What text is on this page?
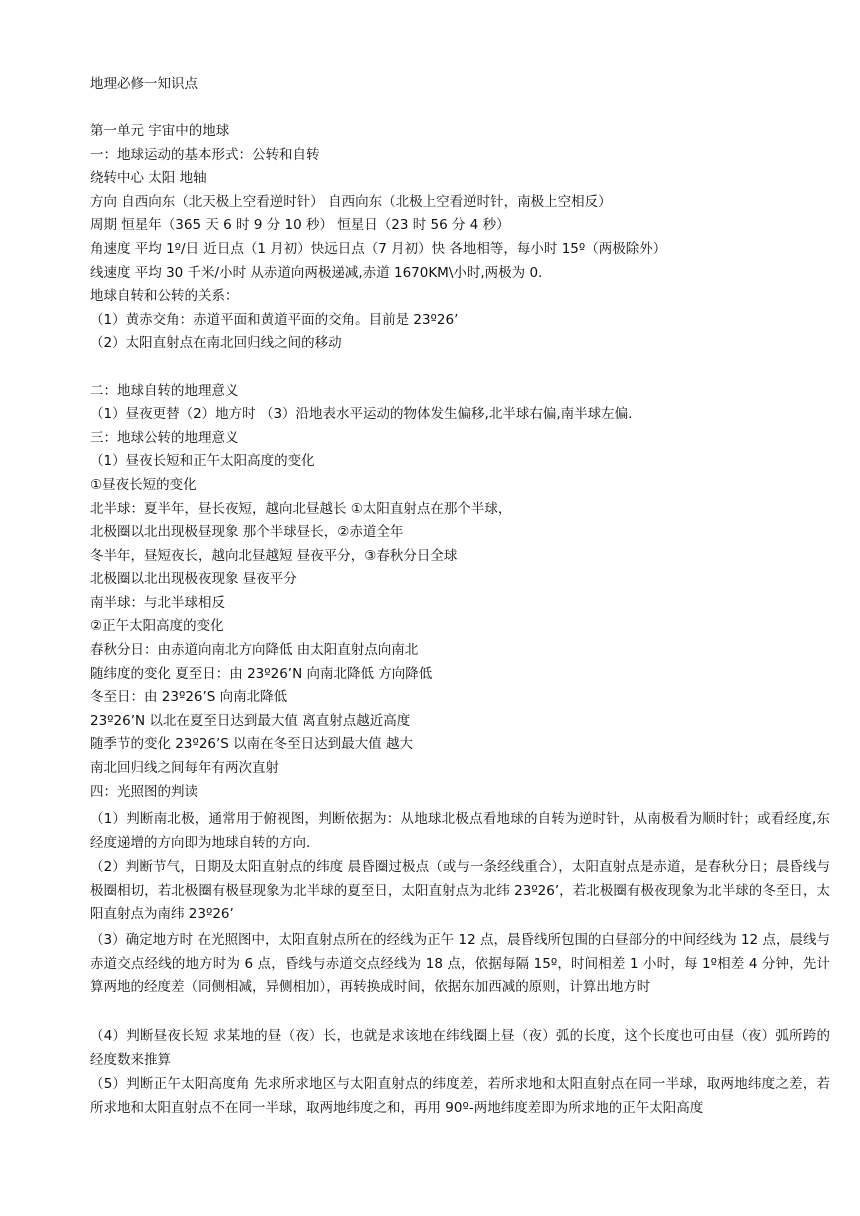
地理必修一知识点
第一单元 宇宙中的地球
一：地球运动的基本形式：公转和自转
绕转中心 太阳 地轴
方向 自西向东（北天极上空看逆时针） 自西向东（北极上空看逆时针，南极上空相反）
周期 恒星年（365 天 6 时 9 分 10 秒） 恒星日（23 时 56 分 4 秒）
角速度 平均 1º/日 近日点（1 月初）快远日点（7 月初）快 各地相等，每小时 15º（两极除外）
线速度 平均 30 千米/小时 从赤道向两极递减,赤道 1670KM\小时,两极为 0.
地球自转和公转的关系：
（1）黄赤交角：赤道平面和黄道平面的交角。目前是 23º26’
（2）太阳直射点在南北回归线之间的移动
二：地球自转的地理意义
（1）昼夜更替（2）地方时 （3）沿地表水平运动的物体发生偏移,北半球右偏,南半球左偏.
三：地球公转的地理意义
（1）昼夜长短和正午太阳高度的变化
①昼夜长短的变化
北半球：夏半年，昼长夜短，越向北昼越长 ①太阳直射点在那个半球，
北极圈以北出现极昼现象 那个半球昼长，②赤道全年
冬半年，昼短夜长，越向北昼越短 昼夜平分，③春秋分日全球
北极圈以北出现极夜现象 昼夜平分
南半球：与北半球相反
②正午太阳高度的变化
春秋分日：由赤道向南北方向降低 由太阳直射点向南北
随纬度的变化 夏至日：由 23º26’N 向南北降低 方向降低
冬至日：由 23º26’S 向南北降低
23º26’N 以北在夏至日达到最大值 离直射点越近高度
随季节的变化 23º26’S 以南在冬至日达到最大值 越大
南北回归线之间每年有两次直射
四：光照图的判读
（1）判断南北极，通常用于俯视图，判断依据为：从地球北极点看地球的自转为逆时针，从南极看为顺时针；或看经度,东经度递增的方向即为地球自转的方向.
（2）判断节气，日期及太阳直射点的纬度 晨昏圈过极点（或与一条经线重合），太阳直射点是赤道，是春秋分日；晨昏线与极圈相切，若北极圈有极昼现象为北半球的夏至日，太阳直射点为北纬 23º26’，若北极圈有极夜现象为北半球的冬至日，太阳直射点为南纬 23º26’
（3）确定地方时 在光照图中，太阳直射点所在的经线为正午 12 点，晨昏线所包围的白昼部分的中间经线为 12 点，晨线与赤道交点经线的地方时为 6 点，昏线与赤道交点经线为 18 点，依据每隔 15º，时间相差 1 小时，每 1º相差 4 分钟，先计算两地的经度差（同侧相减，异侧相加），再转换成时间，依据东加西减的原则，计算出地方时
（4）判断昼夜长短 求某地的昼（夜）长，也就是求该地在纬线圈上昼（夜）弧的长度，这个长度也可由昼（夜）弧所跨的经度数来推算
（5）判断正午太阳高度角 先求所求地区与太阳直射点的纬度差，若所求地和太阳直射点在同一半球，取两地纬度之差，若所求地和太阳直射点不在同一半球，取两地纬度之和，再用 90º-两地纬度差即为所求地的正午太阳高度
